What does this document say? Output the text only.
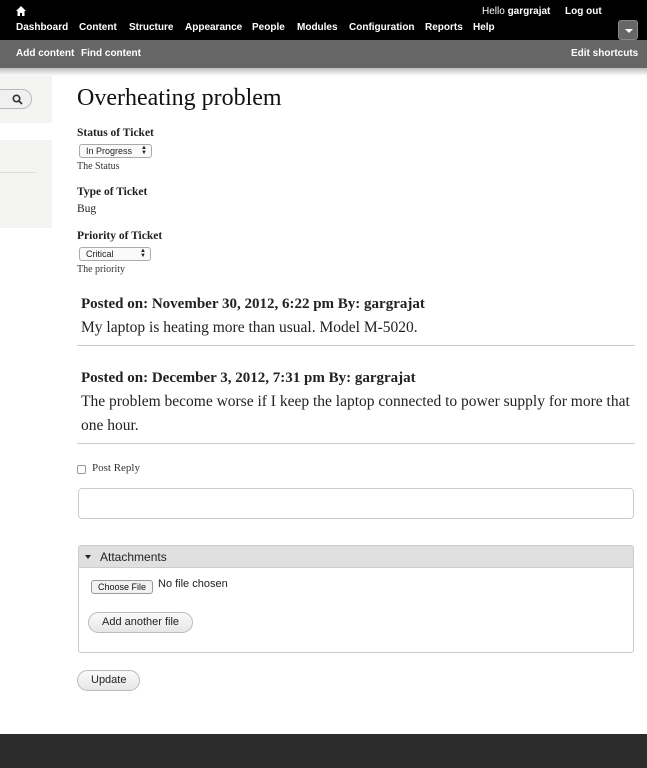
Dashboard Content Structure Appearance People Modules Configuration Reports Help
Hello gargrajat Log out
Add content Find content	Edit shortcuts
Overheating problem
Status of Ticket
In Progress ▲
▼
The Status
Type of Ticket
Bug
Priority of Ticket
Critical	▲
▼
The priority
Posted on: November 30, 2012, 6:22 pm By: gargrajat
My laptop is heating more than usual. Model M-5020.
Posted on: December 3, 2012, 7:31 pm By: gargrajat
The problem become worse if I keep the laptop connected to power supply for more that one hour.
Post Reply
Attachments
Choose File	No file chosen
Add another file
Update
